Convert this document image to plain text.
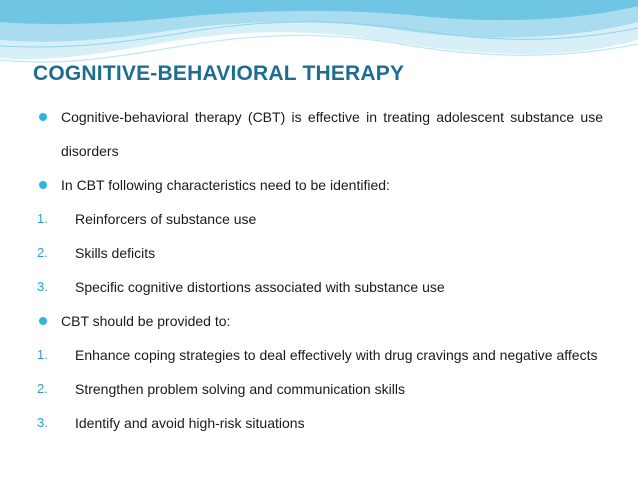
COGNITIVE-BEHAVIORAL THERAPY
Cognitive-behavioral therapy (CBT) is effective in treating adolescent substance use disorders
In CBT following characteristics need to be identified:
1. Reinforcers of substance use
2. Skills deficits
3. Specific cognitive distortions associated with substance use
CBT should be provided to:
1. Enhance coping strategies to deal effectively with drug cravings and negative affects
2. Strengthen problem solving and communication skills
3. Identify and avoid high-risk situations
